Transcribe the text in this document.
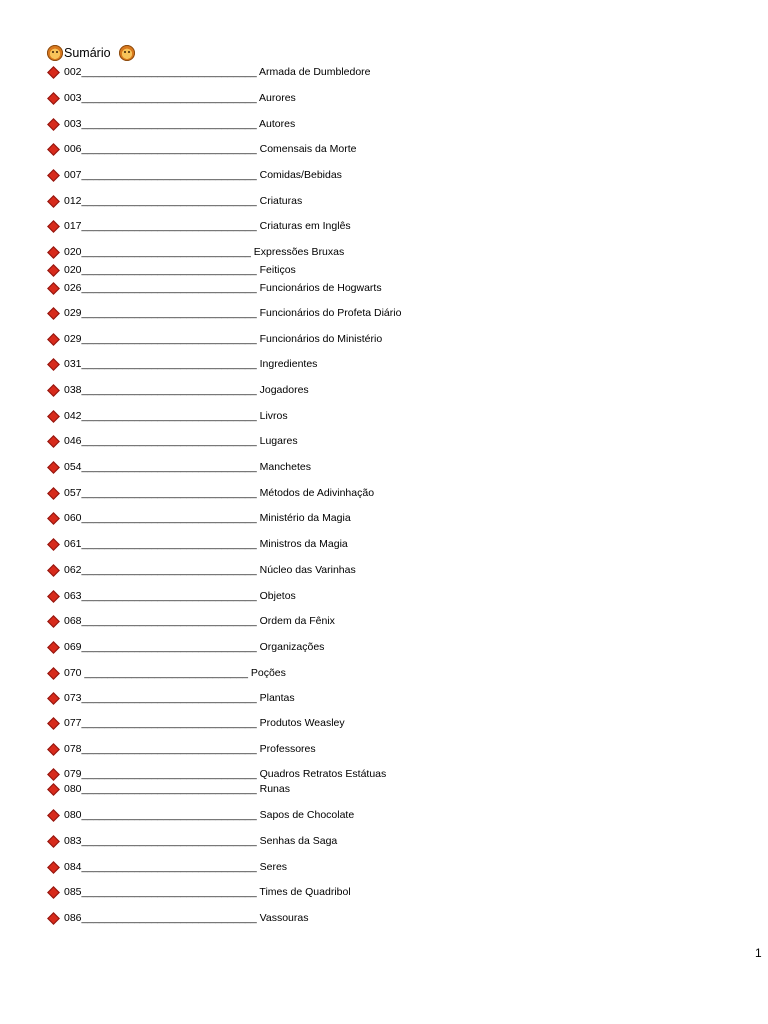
Sumário
002______________________________ Armada de Dumbledore
003______________________________ Aurores
003______________________________ Autores
006______________________________ Comensais da Morte
007______________________________ Comidas/Bebidas
012______________________________ Criaturas
017______________________________ Criaturas em Inglês
020_____________________________ Expressões Bruxas
020______________________________ Feitiços
026______________________________ Funcionários de Hogwarts
029______________________________ Funcionários do Profeta Diário
029______________________________ Funcionários do Ministério
031______________________________ Ingredientes
038______________________________ Jogadores
042______________________________ Livros
046______________________________ Lugares
054______________________________ Manchetes
057______________________________ Métodos de Adivinhação
060______________________________ Ministério da Magia
061______________________________ Ministros da Magia
062______________________________ Núcleo das Varinhas
063______________________________ Objetos
068______________________________ Ordem da Fênix
069______________________________ Organizações
070 ____________________________ Poções
073______________________________ Plantas
077______________________________ Produtos Weasley
078______________________________ Professores
079______________________________ Quadros Retratos Estátuas
080______________________________ Runas
080______________________________ Sapos de Chocolate
083______________________________ Senhas da Saga
084______________________________ Seres
085______________________________ Times de Quadribol
086______________________________ Vassouras
1
